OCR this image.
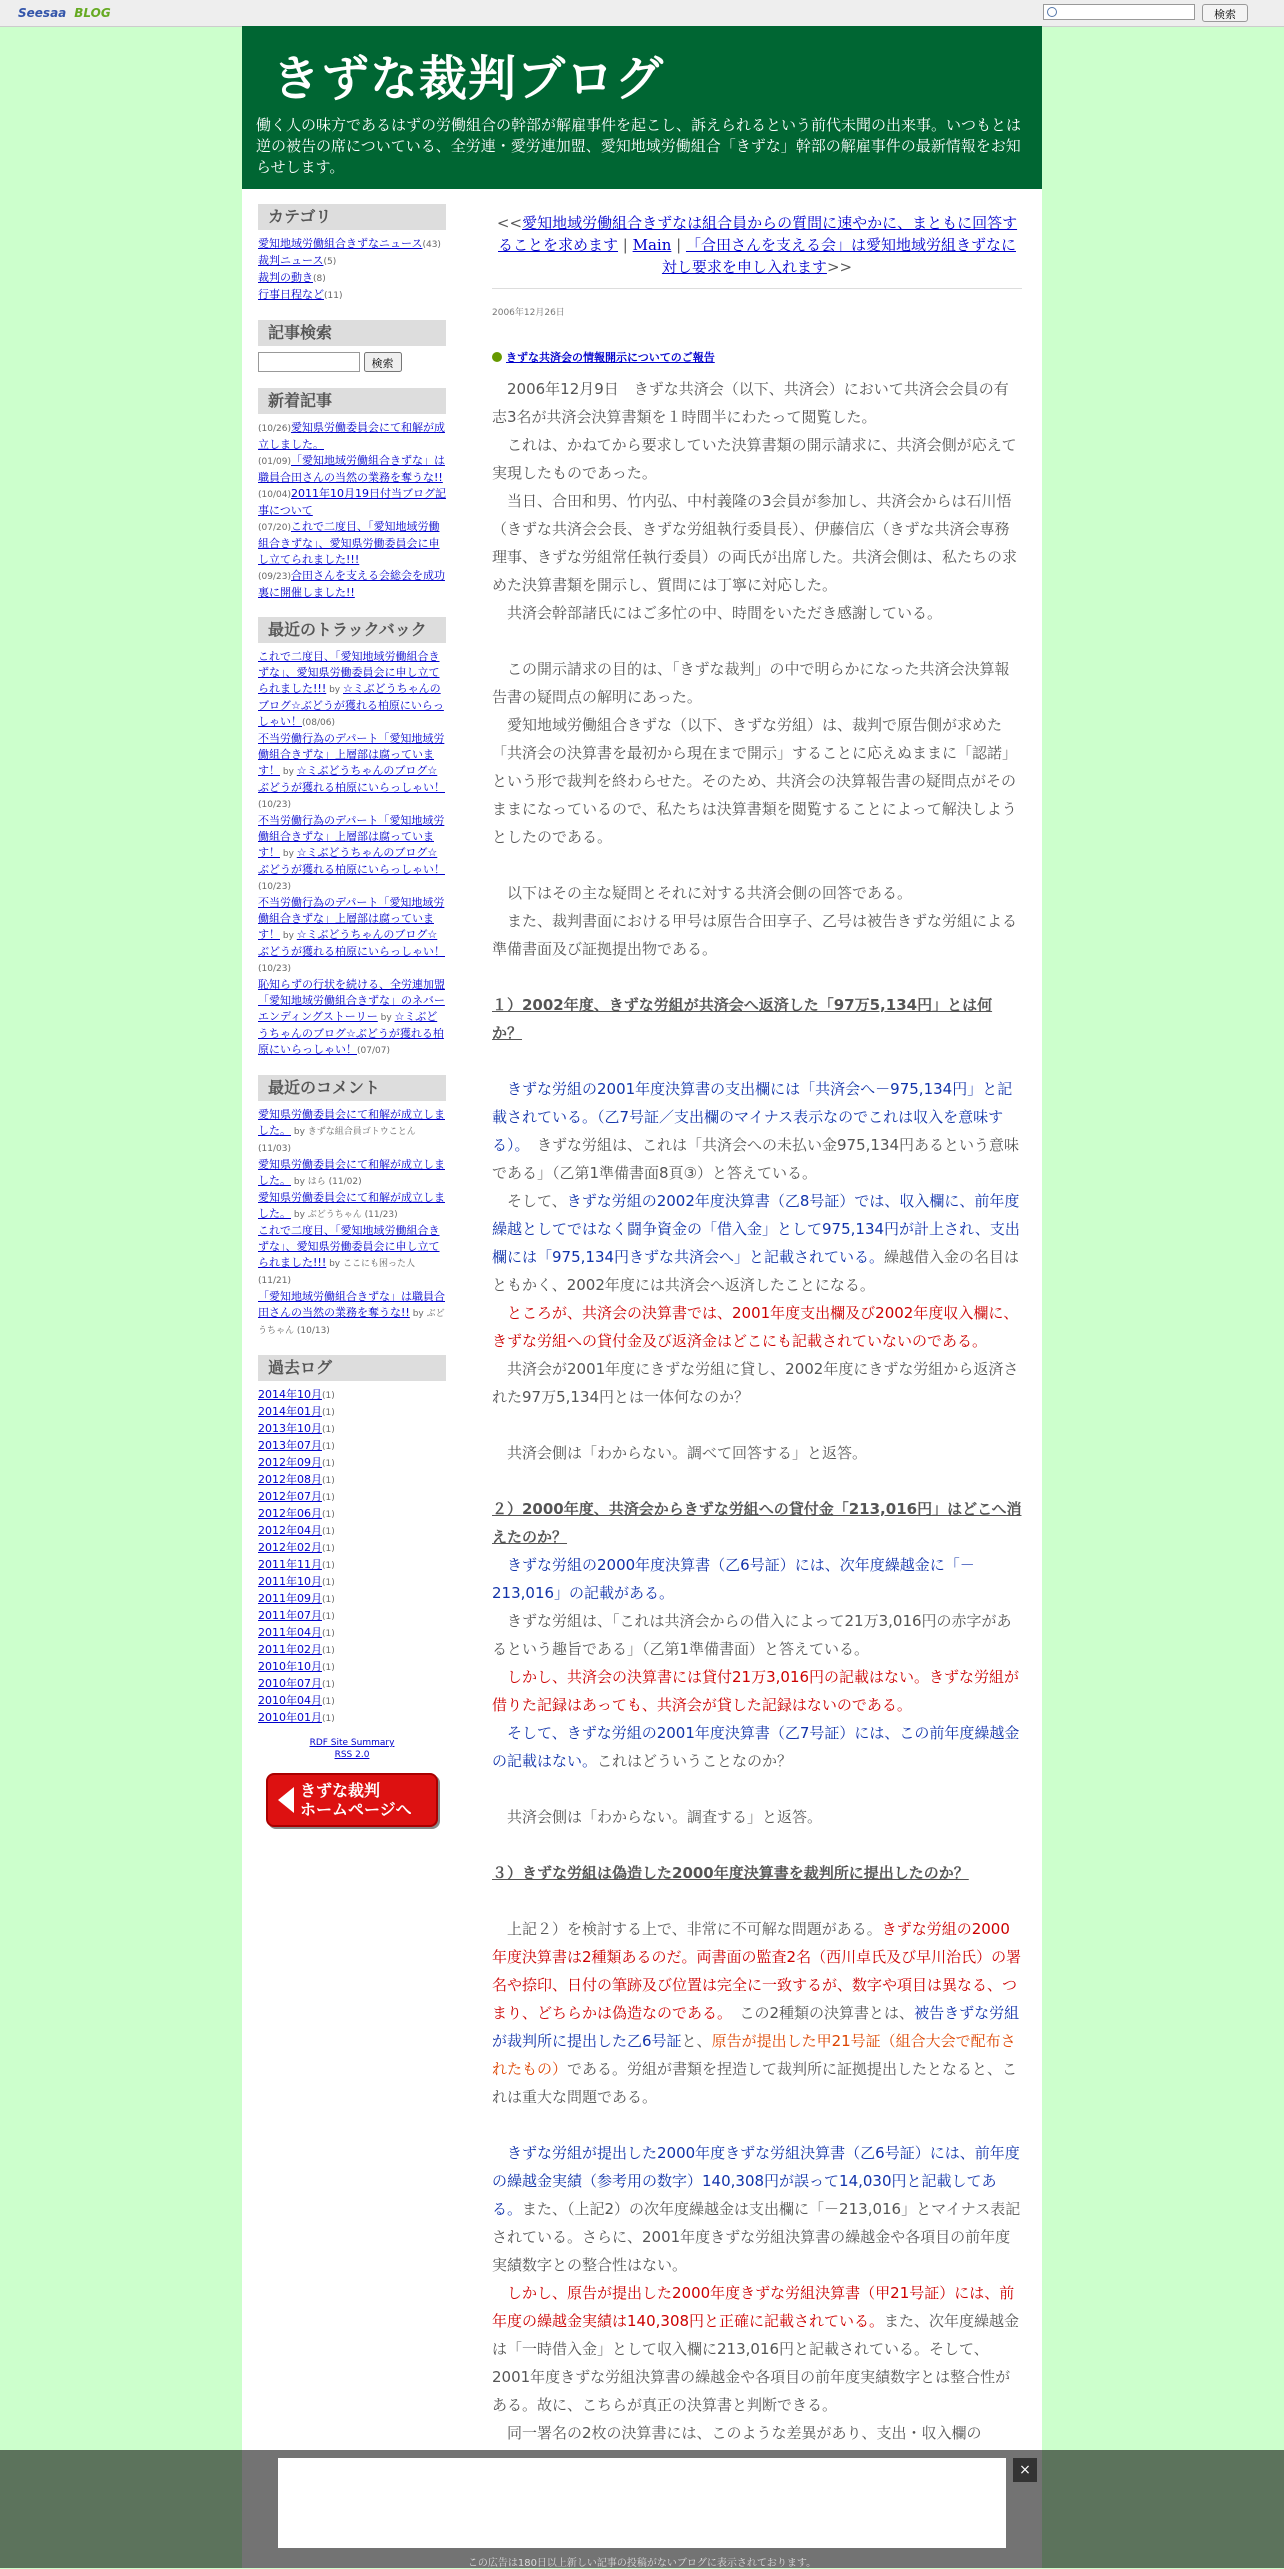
Seesaa BLOG	検索
きずな裁判ブログ
働く人の味方であるはずの労働組合の幹部が解雇事件を起こし、訴えられるという前代未聞の出来事。いつもとは逆の被告の席についている、全労連・愛労連加盟、愛知地域労働組合「きずな」幹部の解雇事件の最新情報をお知らせします。
カテゴリ
愛知地域労働組合きずなニュース(43)
裁判ニュース(5)
裁判の動き(8)
行事日程など(11)
記事検索
検索
新着記事
(10/26)愛知県労働委員会にて和解が成立しました。
(01/09)「愛知地域労働組合きずな」は職員合田さんの当然の業務を奪うな!!
(10/04)2011年10月19日付当ブログ記事について
(07/20)これで二度目、「愛知地域労働組合きずな」、愛知県労働委員会に申し立てられました!!!
(09/23)合田さんを支える会総会を成功裏に開催しました!!
最近のトラックバック
これで二度目、「愛知地域労働組合きずな」、愛知県労働委員会に申し立てられました!!! by ☆ミぶどうちゃんのブログ☆ぶどうが獲れる柏原にいらっしゃい！(08/06)
不当労働行為のデパート「愛知地域労働組合きずな」上層部は腐っています！ by ☆ミぶどうちゃんのブログ☆ぶどうが獲れる柏原にいらっしゃい！(10/23)
不当労働行為のデパート「愛知地域労働組合きずな」上層部は腐っています！ by ☆ミぶどうちゃんのブログ☆ぶどうが獲れる柏原にいらっしゃい！(10/23)
不当労働行為のデパート「愛知地域労働組合きずな」上層部は腐っています！ by ☆ミぶどうちゃんのブログ☆ぶどうが獲れる柏原にいらっしゃい！(10/23)
恥知らずの行状を続ける、全労連加盟「愛知地域労働組合きずな」のネバーエンディングストーリー by ☆ミぶどうちゃんのブログ☆ぶどうが獲れる柏原にいらっしゃい！(07/07)
最近のコメント
愛知県労働委員会にて和解が成立しました。 by きずな組合員ゴトウことん (11/03)
愛知県労働委員会にて和解が成立しました。 by はら (11/02)
愛知県労働委員会にて和解が成立しました。 by ぶどうちゃん (11/23)
これで二度目、「愛知地域労働組合きずな」、愛知県労働委員会に申し立てられました!!! by ここにも困った人 (11/21)
「愛知地域労働組合きずな」は職員合田さんの当然の業務を奪うな!! by ぶどうちゃん (10/13)
過去ログ
2014年10月(1)
2014年01月(1)
2013年10月(1)
2013年07月(1)
2012年09月(1)
2012年08月(1)
2012年07月(1)
2012年06月(1)
2012年04月(1)
2012年02月(1)
2011年11月(1)
2011年10月(1)
2011年09月(1)
2011年07月(1)
2011年04月(1)
2011年02月(1)
2010年10月(1)
2010年07月(1)
2010年04月(1)
2010年01月(1)
RDF Site Summary
RSS 2.0
きずな裁判
ホームページへ
<<愛知地域労働組合きずなは組合員からの質問に速やかに、まともに回答することを求めます | Main | 「合田さんを支える会」は愛知地域労組きずなに対し要求を申し入れます>>
2006年12月26日
きずな共済会の情報開示についてのご報告

　2006年12月9日　きずな共済会（以下、共済会）において共済会会員の有志3名が共済会決算書類を１時間半にわたって閲覧した。

　これは、かねてから要求していた決算書類の開示請求に、共済会側が応えて実現したものであった。

　当日、合田和男、竹内弘、中村義隆の3会員が参加し、共済会からは石川悟（きずな共済会会長、きずな労組執行委員長）、伊藤信広（きずな共済会専務理事、きずな労組常任執行委員）の両氏が出席した。共済会側は、私たちの求めた決算書類を開示し、質問には丁寧に対応した。

　共済会幹部諸氏にはご多忙の中、時間をいただき感謝している。

　この開示請求の目的は、「きずな裁判」の中で明らかになった共済会決算報告書の疑問点の解明にあった。

　愛知地域労働組合きずな（以下、きずな労組）は、裁判で原告側が求めた「共済会の決算書を最初から現在まで開示」することに応えぬままに「認諾」という形で裁判を終わらせた。そのため、共済会の決算報告書の疑問点がそのままになっているので、私たちは決算書類を閲覧することによって解決しようとしたのである。

　以下はその主な疑問とそれに対する共済会側の回答である。

　また、裁判書面における甲号は原告合田享子、乙号は被告きずな労組による準備書面及び証拠提出物である。

１）2002年度、きずな労組が共済会へ返済した「97万5,134円」とは何か？

　きずな労組の2001年度決算書の支出欄には「共済会へ－975,134円」と記載されている。（乙7号証／支出欄のマイナス表示なのでこれは収入を意味する）。　きずな労組は、これは「共済会への未払い金975,134円あるという意味である」（乙第1準備書面8頁③）と答えている。

　そして、きずな労組の2002年度決算書（乙8号証）では、収入欄に、前年度繰越としてではなく闘争資金の「借入金」として975,134円が計上され、支出欄には「975,134円きずな共済会へ」と記載されている。繰越借入金の名目はともかく、2002年度には共済会へ返済したことになる。

　ところが、共済会の決算書では、2001年度支出欄及び2002年度収入欄に、きずな労組への貸付金及び返済金はどこにも記載されていないのである。

　共済会が2001年度にきずな労組に貸し、2002年度にきずな労組から返済された97万5,134円とは一体何なのか？

　共済会側は「わからない。調べて回答する」と返答。

２）2000年度、共済会からきずな労組への貸付金「213,016円」はどこへ消えたのか？

　きずな労組の2000年度決算書（乙6号証）には、次年度繰越金に「－213,016」の記載がある。

　きずな労組は、「これは共済会からの借入によって21万3,016円の赤字があるという趣旨である」（乙第1準備書面）と答えている。

　しかし、共済会の決算書には貸付21万3,016円の記載はない。きずな労組が借りた記録はあっても、共済会が貸した記録はないのである。

　そして、きずな労組の2001年度決算書（乙7号証）には、この前年度繰越金の記載はない。これはどういうことなのか？

　共済会側は「わからない。調査する」と返答。

３）きずな労組は偽造した2000年度決算書を裁判所に提出したのか？

　上記２）を検討する上で、非常に不可解な問題がある。きずな労組の2000年度決算書は2種類あるのだ。両書面の監査2名（西川卓氏及び早川治氏）の署名や捺印、日付の筆跡及び位置は完全に一致するが、数字や項目は異なる、つまり、どちらかは偽造なのである。　この2種類の決算書とは、被告きずな労組が裁判所に提出した乙6号証と、原告が提出した甲21号証（組合大会で配布されたもの）である。労組が書類を捏造して裁判所に証拠提出したとなると、これは重大な問題である。

　きずな労組が提出した2000年度きずな労組決算書（乙6号証）には、前年度の繰越金実績（参考用の数字）140,308円が誤って14,030円と記載してある。また、（上記2）の次年度繰越金は支出欄に「－213,016」とマイナス表記されている。さらに、2001年度きずな労組決算書の繰越金や各項目の前年度実績数字との整合性はない。

　しかし、原告が提出した2000年度きずな労組決算書（甲21号証）には、前年度の繰越金実績は140,308円と正確に記載されている。また、次年度繰越金は「一時借入金」として収入欄に213,016円と記載されている。そして、2001年度きずな労組決算書の繰越金や各項目の前年度実績数字とは整合性がある。故に、こちらが真正の決算書と判断できる。

　同一署名の2枚の決算書には、このような差異があり、支出・収入欄の

×
この広告は180日以上新しい記事の投稿がないブログに表示されております。
